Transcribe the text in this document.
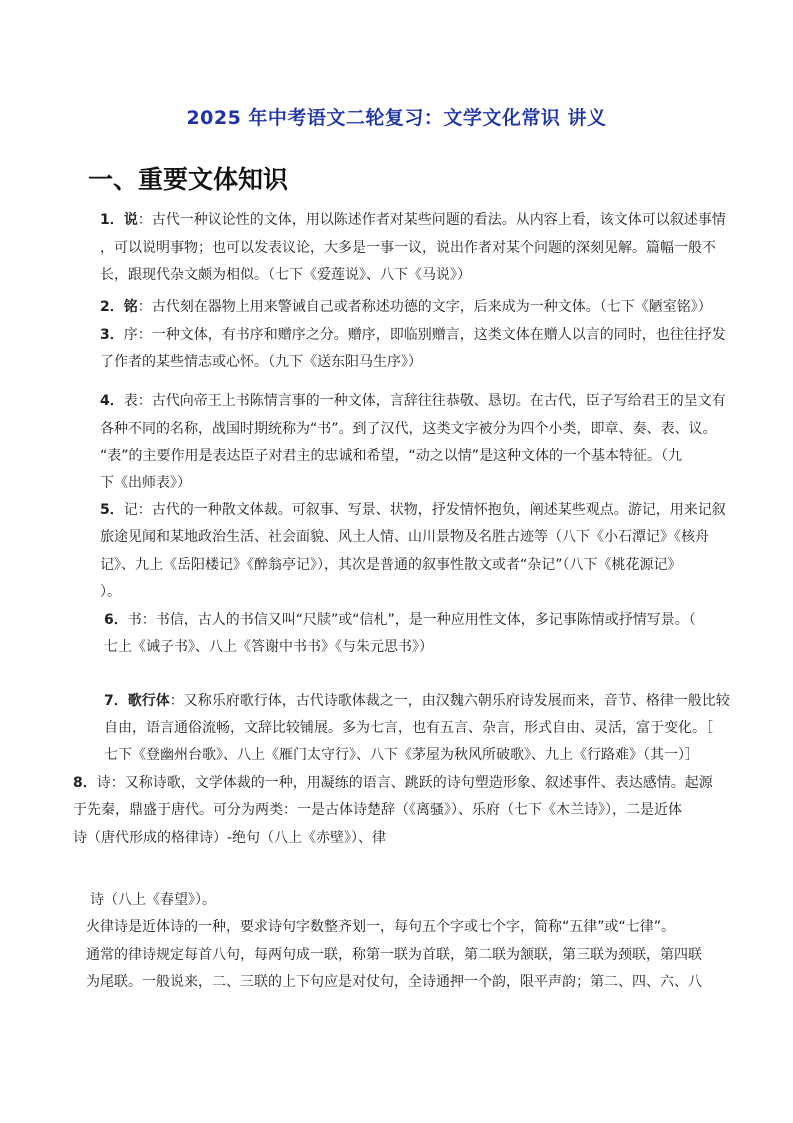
2025 年中考语文二轮复习：文学文化常识 讲义
一、重要文体知识
1．说：古代一种议论性的文体，用以陈述作者对某些问题的看法。从内容上看，该文体可以叙述事情
，可以说明事物；也可以发表议论，大多是一事一议，说出作者对某个问题的深刻见解。篇幅一般不
长，跟现代杂文颇为相似。（七下《爱莲说》、八下《马说》）
2．铭：古代刻在器物上用来警诫自己或者称述功德的文字，后来成为一种文体。（七下《陋室铭》）
3．序：一种文体，有书序和赠序之分。赠序，即临别赠言，这类文体在赠人以言的同时，也往往抒发
了作者的某些情志或心怀。（九下《送东阳马生序》）
4．表：古代向帝王上书陈情言事的一种文体，言辞往往恭敬、恳切。在古代，臣子写给君王的呈文有
各种不同的名称，战国时期统称为“书”。到了汉代，这类文字被分为四个小类，即章、奏、表、议。
“表”的主要作用是表达臣子对君主的忠诚和希望，“动之以情”是这种文体的一个基本特征。（九
下《出师表》）
5．记：古代的一种散文体裁。可叙事、写景、状物，抒发情怀抱负，阐述某些观点。游记，用来记叙
旅途见闻和某地政治生活、社会面貌、风土人情、山川景物及名胜古迹等（八下《小石潭记》《核舟
记》、九上《岳阳楼记》《醉翁亭记》），其次是普通的叙事性散文或者“杂记”（八下《桃花源记》
）。
6．书：书信，古人的书信又叫“尺牍”或“信札”，是一种应用性文体，多记事陈情或抒情写景。（
七上《诫子书》、八上《答谢中书书》《与朱元思书》）
7．歌行体：又称乐府歌行体，古代诗歌体裁之一，由汉魏六朝乐府诗发展而来，音节、格律一般比较
自由，语言通俗流畅，文辞比较铺展。多为七言，也有五言、杂言，形式自由、灵活，富于变化。［
七下《登幽州台歌》、八上《雁门太守行》、八下《茅屋为秋风所破歌》、九上《行路难》（其一）］
8．诗：又称诗歌，文学体裁的一种，用凝练的语言、跳跃的诗句塑造形象、叙述事件、表达感情。起源
于先秦，鼎盛于唐代。可分为两类：一是古体诗楚辞（《离骚》）、乐府（七下《木兰诗》），二是近体
诗（唐代形成的格律诗）-绝句（八上《赤壁》）、律
诗（八上《春望》）。
火律诗是近体诗的一种，要求诗句字数整齐划一，每句五个字或七个字，简称“五律”或“七律”。
通常的律诗规定每首八句，每两句成一联，称第一联为首联，第二联为颔联，第三联为颈联，第四联
为尾联。一般说来，二、三联的上下句应是对仗句，全诗通押一个韵，限平声韵；第二、四、六、八
